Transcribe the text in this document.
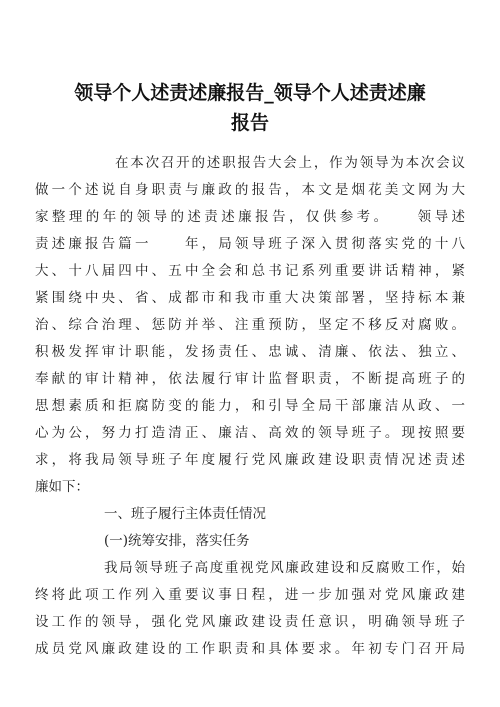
领导个人述责述廉报告_领导个人述责述廉
报告
在本次召开的述职报告大会上，作为领导为本次会议
做一个述说自身职责与廉政的报告，本文是烟花美文网为大
家整理的年的领导的述责述廉报告，仅供参考。　　领导述
责述廉报告篇一　　年，局领导班子深入贯彻落实党的十八
大、十八届四中、五中全会和总书记系列重要讲话精神，紧
紧围绕中央、省、成都市和我市重大决策部署，坚持标本兼
治、综合治理、惩防并举、注重预防，坚定不移反对腐败。
积极发挥审计职能，发扬责任、忠诚、清廉、依法、独立、
奉献的审计精神，依法履行审计监督职责，不断提高班子的
思想素质和拒腐防变的能力，和引导全局干部廉洁从政、一
心为公，努力打造清正、廉洁、高效的领导班子。现按照要
求，将我局领导班子年度履行党风廉政建设职责情况述责述
廉如下：
一、班子履行主体责任情况
(一)统筹安排，落实任务
我局领导班子高度重视党风廉政建设和反腐败工作，始
终将此项工作列入重要议事日程，进一步加强对党风廉政建
设工作的领导，强化党风廉政建设责任意识，明确领导班子
成员党风廉政建设的工作职责和具体要求。年初专门召开局
